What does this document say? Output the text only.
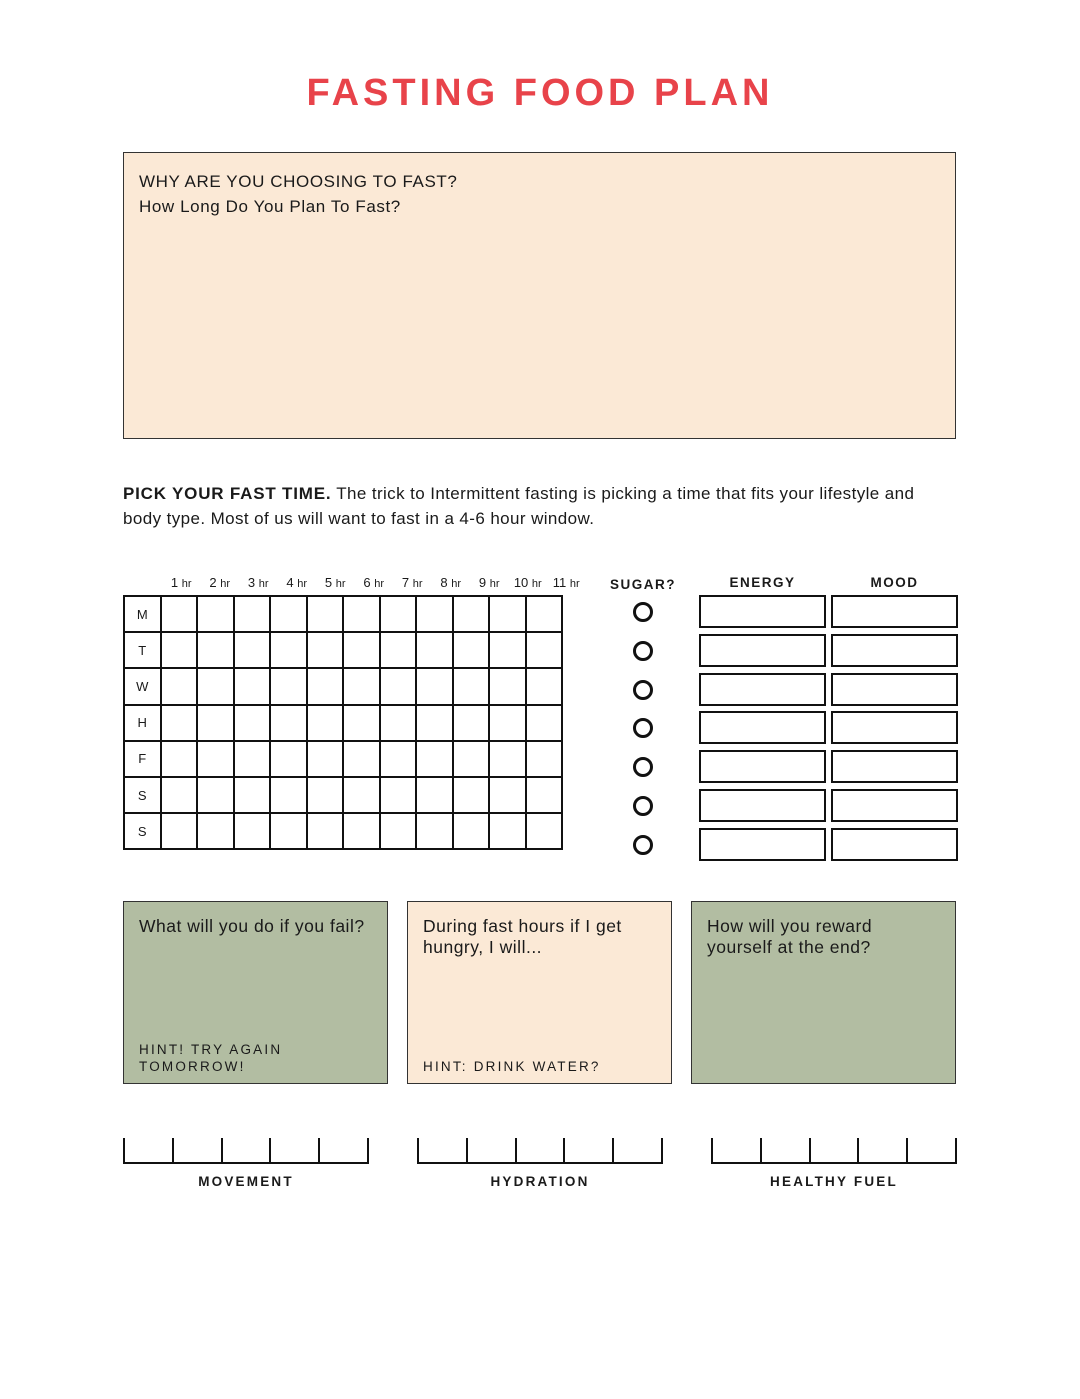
FASTING FOOD PLAN
WHY ARE YOU CHOOSING TO FAST?
How Long Do You Plan To Fast?
PICK YOUR FAST TIME. The trick to Intermittent fasting is picking a time that fits your lifestyle and body type. Most of us will want to fast in a 4-6 hour window.
1 hr	2 hr	3 hr	4 hr	5 hr	6 hr	7 hr	8 hr	9 hr	10 hr 11 hr
M											
T											
W											
H											
F											
S											
S											
SUGAR?	ENERGY	MOOD
What will you do if you fail?
HINT! TRY AGAIN TOMORROW!
During fast hours if I get hungry, I will...
HINT: DRINK WATER?
How will you reward yourself at the end?
MOVEMENT	HYDRATION	HEALTHY FUEL
